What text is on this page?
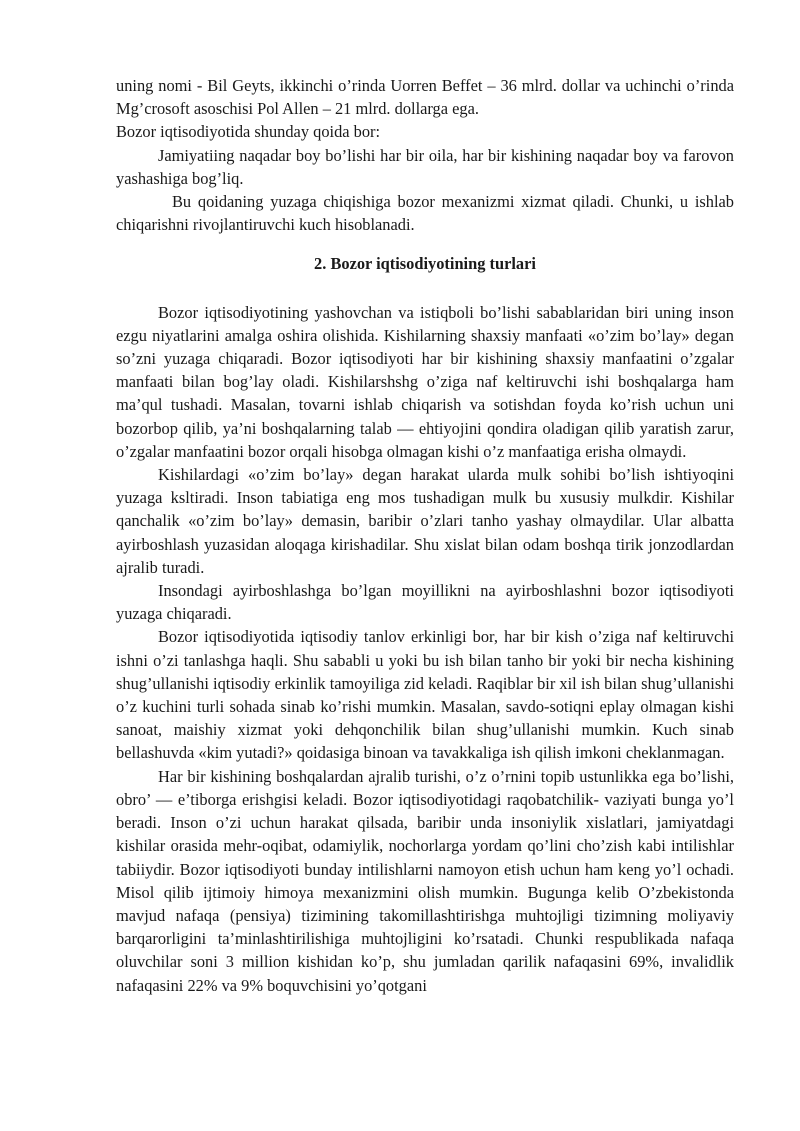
uning nomi - Bil Geyts, ikkinchi o’rinda Uorren Beffet – 36 mlrd. dollar va uchinchi o’rinda Mg’crosoft asoschisi Pol Allen – 21 mlrd. dollarga ega.

Bozor iqtisodiyotida shunday qoida bor:

Jamiyatiing naqadar boy bo’lishi har bir oila, har bir kishining naqadar boy va farovon yashashiga bog’liq.

Bu qoidaning yuzaga chiqishiga bozor mexanizmi xizmat qiladi. Chunki, u ishlab chiqarishni rivojlantiruvchi kuch hisoblanadi.

2. Bozor iqtisodiyotining turlari

Bozor iqtisodiyotining yashovchan va istiqboli bo’lishi sabablaridan biri uning inson ezgu niyatlarini amalga oshira olishida. Kishilarning shaxsiy manfaati «o’zim bo’lay» degan so’zni yuzaga chiqaradi. Bozor iqtisodiyoti har bir kishining shaxsiy manfaatini o’zgalar manfaati bilan bog’lay oladi. Kishilarshshg o’ziga naf keltiruvchi ishi boshqalarga ham ma’qul tushadi. Masalan, tovarni ishlab chiqarish va sotishdan foyda ko’rish uchun uni bozorbop qilib, ya’ni boshqalarning talab — ehtiyojini qondira oladigan qilib yaratish zarur, o’zgalar manfaatini bozor orqali hisobga olmagan kishi o’z manfaatiga erisha olmaydi.

Kishilardagi «o’zim bo’lay» degan harakat ularda mulk sohibi bo’lish ishtiyoqini yuzaga ksltiradi. Inson tabiatiga eng mos tushadigan mulk bu xususiy mulkdir. Kishilar qanchalik «o’zim bo’lay» demasin, baribir o’zlari tanho yashay olmaydilar. Ular albatta ayirboshlash yuzasidan aloqaga kirishadilar. Shu xislat bilan odam boshqa tirik jonzodlardan ajralib turadi.

Insondagi ayirboshlashga bo’lgan moyillikni na ayirboshlashni bozor iqtisodiyoti yuzaga chiqaradi.

Bozor iqtisodiyotida iqtisodiy tanlov erkinligi bor, har bir kish o’ziga naf keltiruvchi ishni o’zi tanlashga haqli. Shu sababli u yoki bu ish bilan tanho bir yoki bir necha kishining shug’ullanishi iqtisodiy erkinlik tamoyiliga zid keladi. Raqiblar bir xil ish bilan shug’ullanishi o’z kuchini turli sohada sinab ko’rishi mumkin. Masalan, savdo-sotiqni eplay olmagan kishi sanoat, maishiy xizmat yoki dehqonchilik bilan shug’ullanishi mumkin. Kuch sinab bellashuvda «kim yutadi?» qoidasiga binoan va tavakkaliga ish qilish imkoni cheklanmagan.

Har bir kishining boshqalardan ajralib turishi, o’z o’rnini topib ustunlikka ega bo’lishi, obro’ — e’tiborga erishgisi keladi. Bozor iqtisodiyotidagi raqobatchilik- vaziyati bunga yo’l beradi. Inson o’zi uchun harakat qilsada, baribir unda insoniylik xislatlari, jamiyatdagi kishilar orasida mehr-oqibat, odamiylik, nochorlarga yordam qo’lini cho’zish kabi intilishlar tabiiydir. Bozor iqtisodiyoti bunday intilishlarni namoyon etish uchun ham keng yo’l ochadi. Misol qilib ijtimoiy himoya mexanizmini olish mumkin. Bugunga kelib O’zbekistonda mavjud nafaqa (pensiya) tizimining takomillashtirishga muhtojligi tizimning moliyaviy barqarorligini ta’minlashtirilishiga muhtojligini ko’rsatadi. Chunki respublikada nafaqa oluvchilar soni 3 million kishidan ko’p, shu jumladan qarilik nafaqasini 69%, invalidlik nafaqasini 22% va 9% boquvchisini yo’qotgani
